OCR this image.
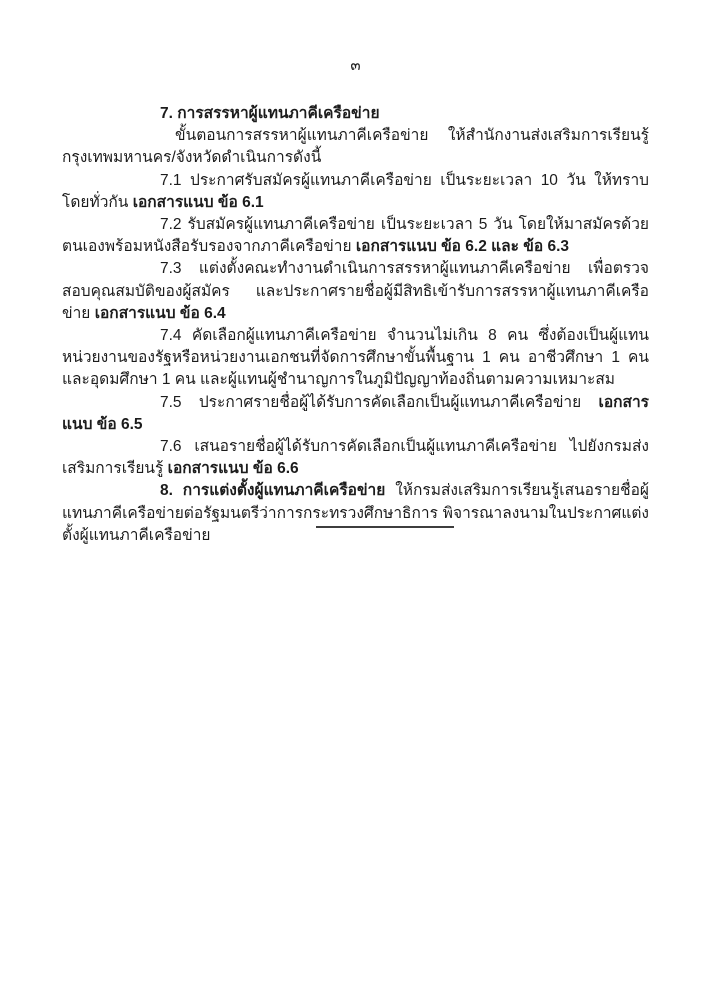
๓

7. การสรรหาผู้แทนภาคีเครือข่าย

ขั้นตอนการสรรหาผู้แทนภาคีเครือข่าย ให้สำนักงานส่งเสริมการเรียนรู้กรุงเทพมหานคร/จังหวัดดำเนินการดังนี้

7.1 ประกาศรับสมัครผู้แทนภาคีเครือข่าย เป็นระยะเวลา 10 วัน ให้ทราบโดยทั่วกัน เอกสารแนบ ข้อ 6.1

7.2 รับสมัครผู้แทนภาคีเครือข่าย เป็นระยะเวลา 5 วัน โดยให้มาสมัครด้วยตนเองพร้อมหนังสือรับรองจากภาคีเครือข่าย เอกสารแนบ ข้อ 6.2 และ ข้อ 6.3

7.3 แต่งตั้งคณะทำงานดำเนินการสรรหาผู้แทนภาคีเครือข่าย เพื่อตรวจสอบคุณสมบัติของผู้สมัคร และประกาศรายชื่อผู้มีสิทธิเข้ารับการสรรหาผู้แทนภาคีเครือข่าย เอกสารแนบ ข้อ 6.4

7.4 คัดเลือกผู้แทนภาคีเครือข่าย จำนวนไม่เกิน 8 คน ซึ่งต้องเป็นผู้แทนหน่วยงานของรัฐหรือหน่วยงานเอกชนที่จัดการศึกษาขั้นพื้นฐาน 1 คน อาชีวศึกษา 1 คน และอุดมศึกษา 1 คน และผู้แทนผู้ชำนาญการในภูมิปัญญาท้องถิ่นตามความเหมาะสม

7.5 ประกาศรายชื่อผู้ได้รับการคัดเลือกเป็นผู้แทนภาคีเครือข่าย เอกสารแนบ ข้อ 6.5

7.6 เสนอรายชื่อผู้ได้รับการคัดเลือกเป็นผู้แทนภาคีเครือข่าย ไปยังกรมส่งเสริมการเรียนรู้ เอกสารแนบ ข้อ 6.6

8. การแต่งตั้งผู้แทนภาคีเครือข่าย ให้กรมส่งเสริมการเรียนรู้เสนอรายชื่อผู้แทนภาคีเครือข่ายต่อรัฐมนตรีว่าการกระทรวงศึกษาธิการ พิจารณาลงนามในประกาศแต่งตั้งผู้แทนภาคีเครือข่าย
